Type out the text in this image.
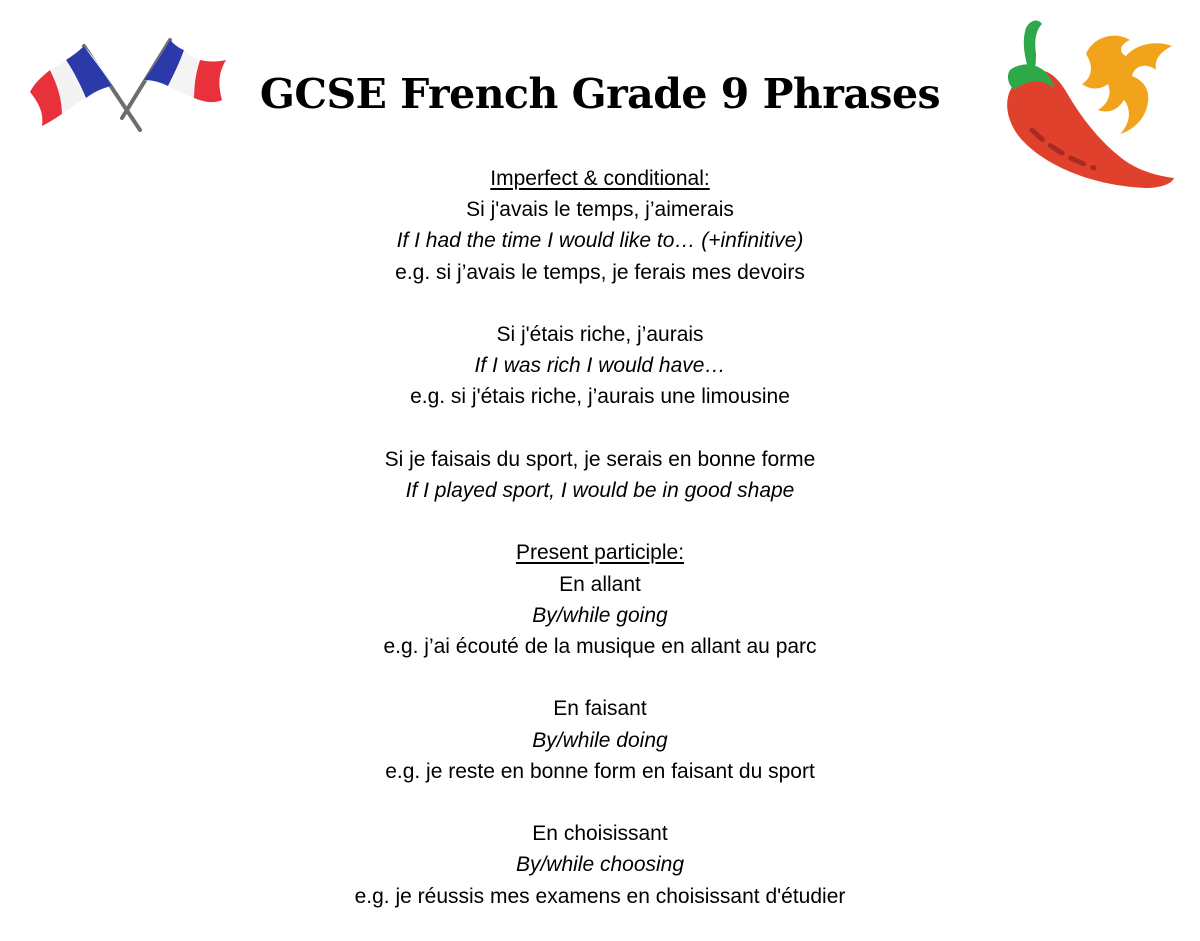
GCSE French Grade 9 Phrases
Imperfect & conditional:
Si j'avais le temps, j’aimerais
If I had the time I would like to… (+infinitive)
e.g. si j’avais le temps, je ferais mes devoirs
Si j'étais riche, j’aurais
If I was rich I would have…
e.g. si j'étais riche, j’aurais une limousine
Si je faisais du sport, je serais en bonne forme
If I played sport, I would be in good shape
Present participle:
En allant
By/while going
e.g. j’ai écouté de la musique en allant au parc
En faisant
By/while doing
e.g. je reste en bonne form en faisant du sport
En choisissant
By/while choosing
e.g. je réussis mes examens en choisissant d'étudier
